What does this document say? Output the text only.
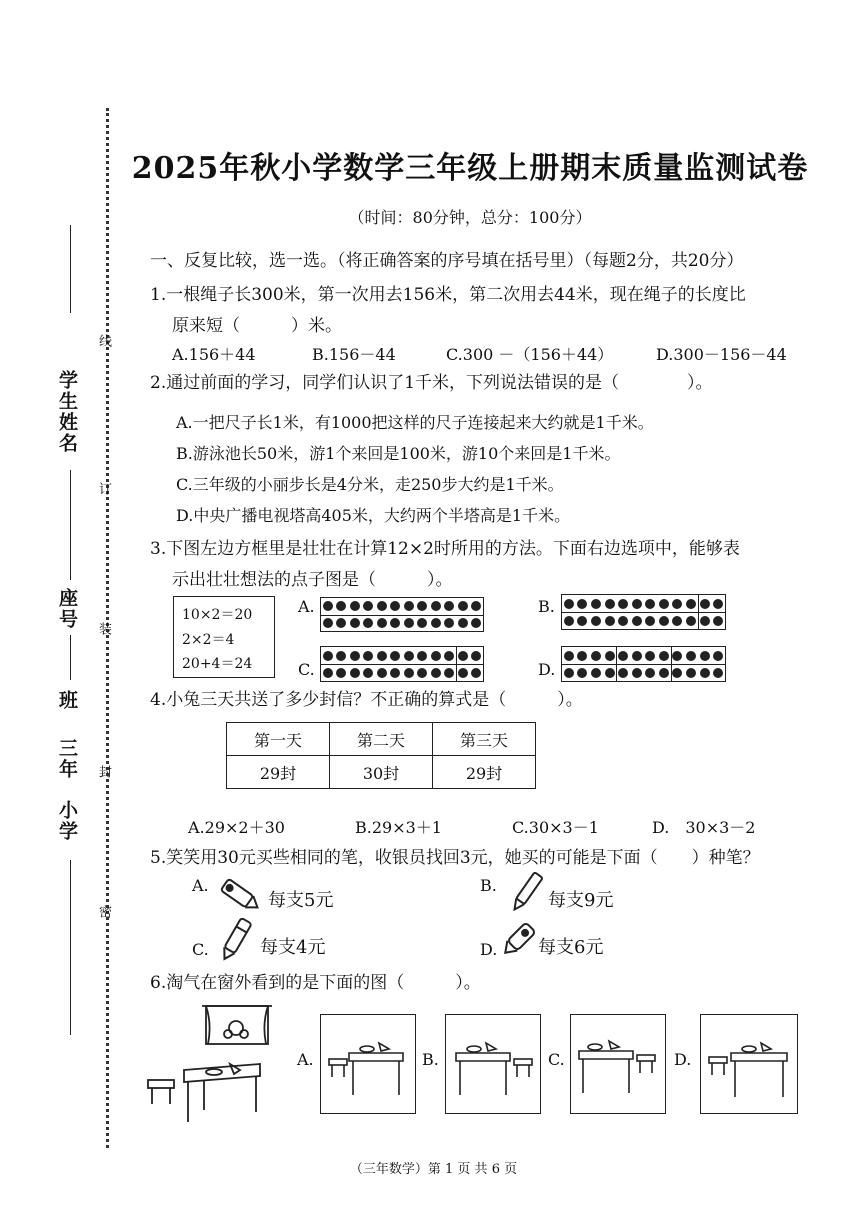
线
订
装
封
密
学生姓名
座号
班
三年
小学
2025年秋小学数学三年级上册期末质量监测试卷
（时间：80分钟，总分：100分）
一、反复比较，选一选。（将正确答案的序号填在括号里）（每题2分，共20分）
1.一根绳子长300米，第一次用去156米，第二次用去44米，现在绳子的长度比
原来短（　　　）米。
A.156＋44	B.156－44	C.300 －（156＋44）	D.300－156－44
2.通过前面的学习，同学们认识了1千米，下列说法错误的是（　　　　）。
A.一把尺子长1米，有1000把这样的尺子连接起来大约就是1千米。
B.游泳池长50米，游1个来回是100米，游10个来回是1千米。
C.三年级的小丽步长是4分米，走250步大约是1千米。
D.中央广播电视塔高405米，大约两个半塔高是1千米。
3.下图左边方框里是壮壮在计算12×2时所用的方法。下面右边选项中，能够表
示出壮壮想法的点子图是（　　　）。
10×2＝20
2×2＝4
20+4＝24
A.	B.
C.	D.
4.小兔三天共送了多少封信？不正确的算式是（　　　）。
第一天	第二天	第三天
29封	30封	29封
A.29×2＋30	B.29×3＋1	C.30×3－1	D.　30×3－2
5.笑笑用30元买些相同的笔，收银员找回3元，她买的可能是下面（　　）种笔？
A.
每支5元
B.
每支9元
C.	每支4元	D. 每支6元
6.淘气在窗外看到的是下面的图（　　　）。
A.	B.	C.	D.
（三年数学）第 1 页 共 6 页
